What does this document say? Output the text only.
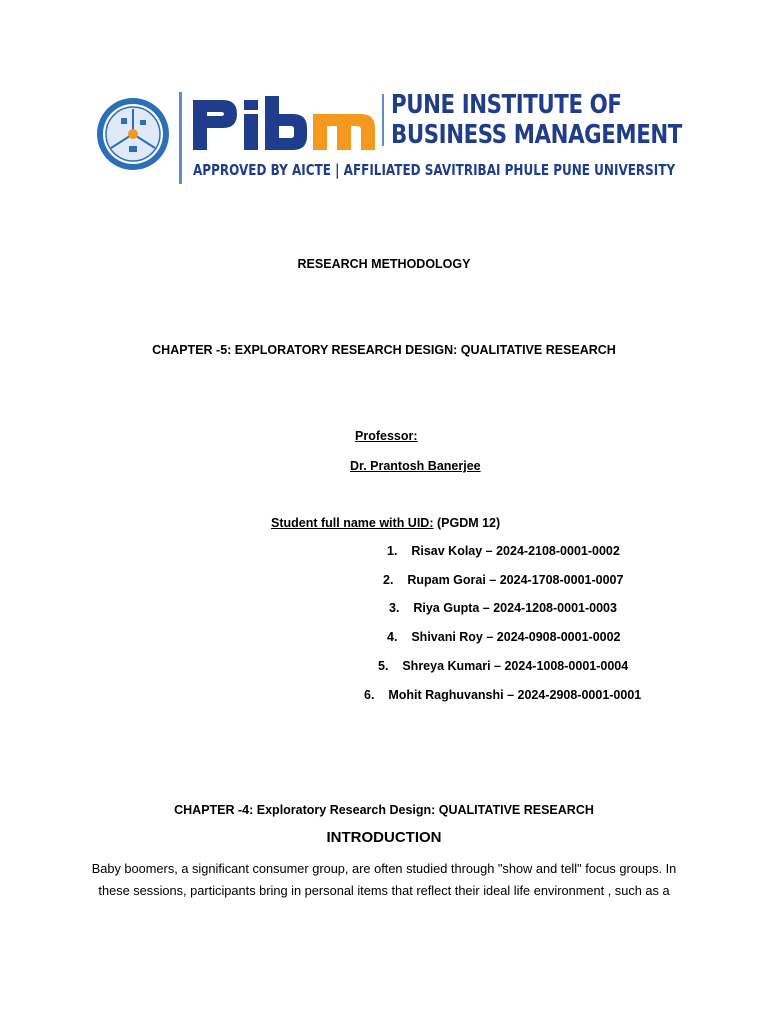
PUNE INSTITUTE OF
BUSINESS MANAGEMENT
APPROVED BY AICTE | AFFILIATED SAVITRIBAI PHULE PUNE UNIVERSITY
RESEARCH METHODOLOGY
CHAPTER -5: EXPLORATORY RESEARCH DESIGN: QUALITATIVE RESEARCH
Professor:
Dr. Prantosh Banerjee
Student full name with UID: (PGDM 12)
1. Risav Kolay – 2024-2108-0001-0002
2. Rupam Gorai – 2024-1708-0001-0007
3. Riya Gupta – 2024-1208-0001-0003
4. Shivani Roy – 2024-0908-0001-0002
5. Shreya Kumari – 2024-1008-0001-0004
6. Mohit Raghuvanshi – 2024-2908-0001-0001
CHAPTER -4: Exploratory Research Design: QUALITATIVE RESEARCH
INTRODUCTION
Baby boomers, a significant consumer group, are often studied through "show and tell" focus groups. In
these sessions, participants bring in personal items that reflect their ideal life environment , such as a
